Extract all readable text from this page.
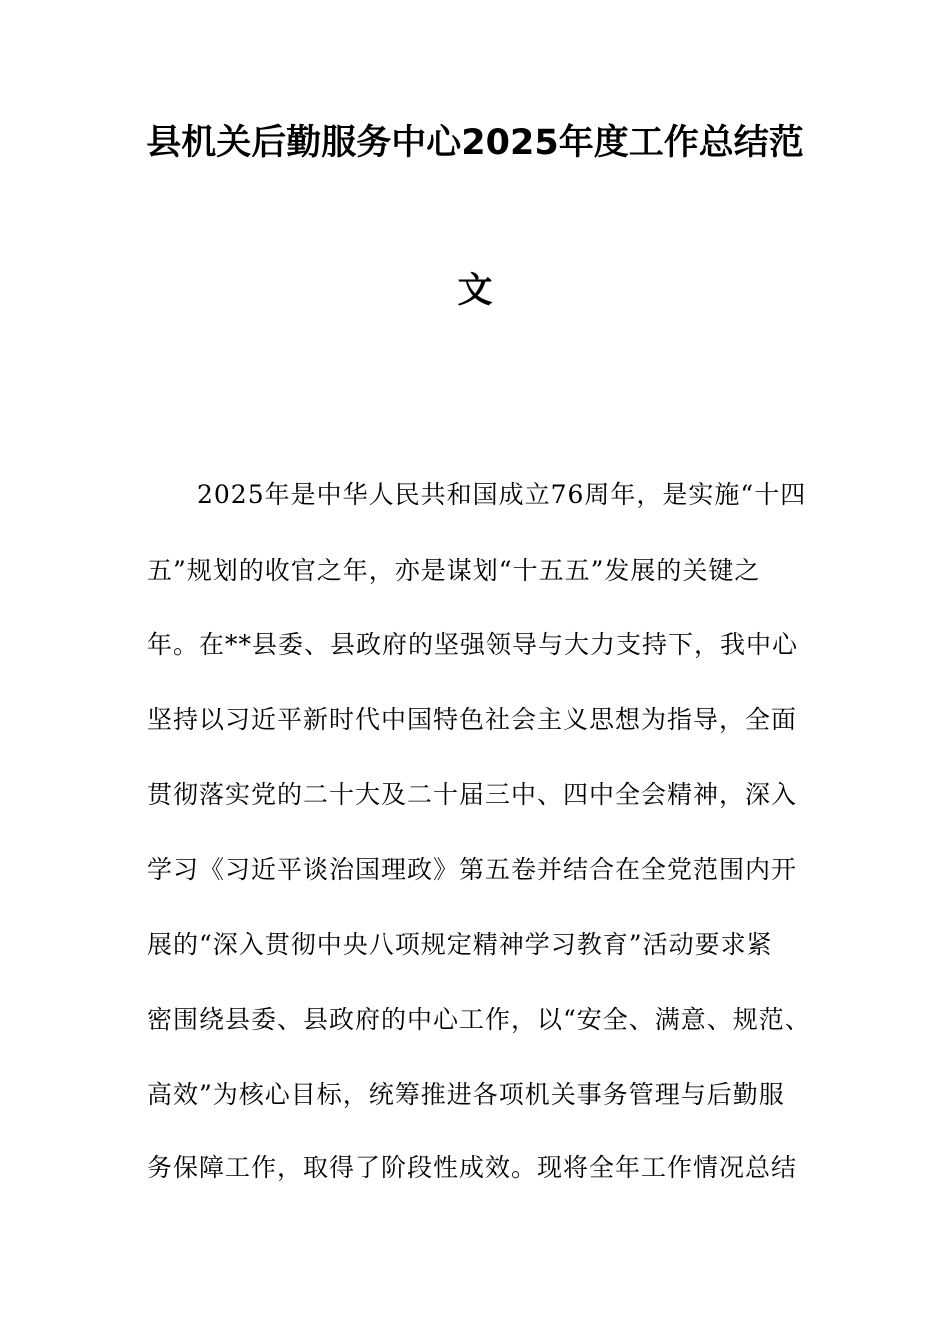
县机关后勤服务中心2025年度工作总结范
文
2025年是中华人民共和国成立76周年，是实施“十四
五”规划的收官之年，亦是谋划“十五五”发展的关键之
年。在**县委、县政府的坚强领导与大力支持下，我中心
坚持以习近平新时代中国特色社会主义思想为指导，全面
贯彻落实党的二十大及二十届三中、四中全会精神，深入
学习《习近平谈治国理政》第五卷并结合在全党范围内开
展的“深入贯彻中央八项规定精神学习教育”活动要求紧
密围绕县委、县政府的中心工作，以“安全、满意、规范、
高效”为核心目标，统筹推进各项机关事务管理与后勤服
务保障工作，取得了阶段性成效。现将全年工作情况总结
